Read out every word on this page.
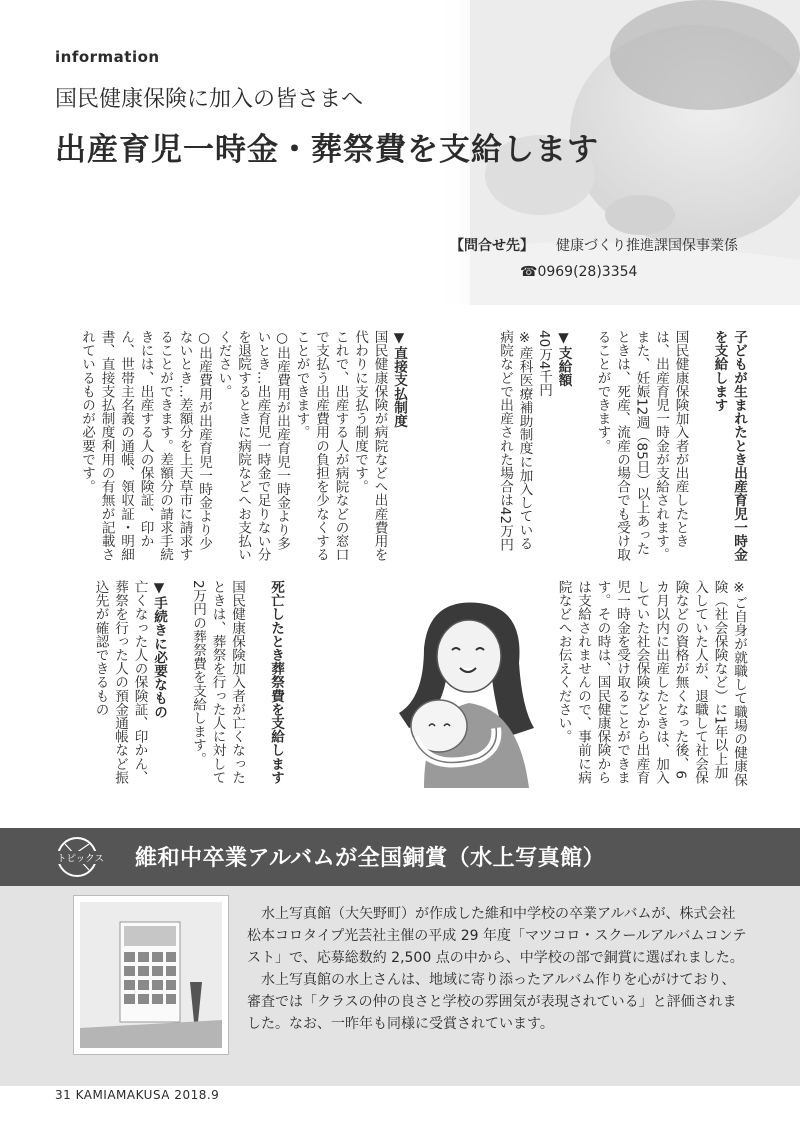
information
国民健康保険に加入の皆さまへ
出産育児一時金・葬祭費を支給します
【問合せ先】 健康づくり推進課国保事業係
☎0969(28)3354
子どもが生まれたとき出産育児一時金を支給します

国民健康保険加入者が出産したときは、出産育児一時金が支給されます。
また、妊娠12週（85日）以上あったときは、死産、流産の場合でも受け取ることができます。

▼支給額
40万4千円
※産科医療補助制度に加入している病院などで出産された場合は42万円
▼直接支払制度
国民健康保険が病院などへ出産費用を代わりに支払う制度です。
これで、出産する人が病院などの窓口で支払う出産費用の負担を少なくすることができます。
○出産費用が出産育児一時金より多いとき…出産育児一時金で足りない分を退院するときに病院などへお支払いください。
○出産費用が出産育児一時金より少ないとき…差額分を上天草市に請求することができます。差額分の請求手続きには、出産する人の保険証、印かん、世帯主名義の通帳、領収証・明細書、直接支払制度利用の有無が記載されているものが必要です。
※ご自身が就職して職場の健康保険（社会保険など）に1年以上加入していた人が、退職して社会保険などの資格が無くなった後、6カ月以内に出産したときは、加入していた社会保険などから出産育児一時金を受け取ることができます。その時は、国民健康保険からは支給されませんので、事前に病院などへお伝えください。
死亡したとき葬祭費を支給します

国民健康保険加入者が亡くなったときは、葬祭を行った人に対して2万円の葬祭費を支給します。

▼手続きに必要なもの
亡くなった人の保険証、印かん、葬祭を行った人の預金通帳など振込先が確認できるもの
トピックス 維和中卒業アルバムが全国銅賞（水上写真館）

水上写真館（大矢野町）が作成した維和中学校の卒業アルバムが、株式会社松本コロタイプ光芸社主催の平成 29 年度「マツコロ・スクールアルバムコンテスト」で、応募総数約 2,500 点の中から、中学校の部で銅賞に選ばれました。

水上写真館の水上さんは、地域に寄り添ったアルバム作りを心がけており、審査では「クラスの仲の良さと学校の雰囲気が表現されている」と評価されました。なお、一昨年も同様に受賞されています。

31 KAMIAMAKUSA 2018.9
